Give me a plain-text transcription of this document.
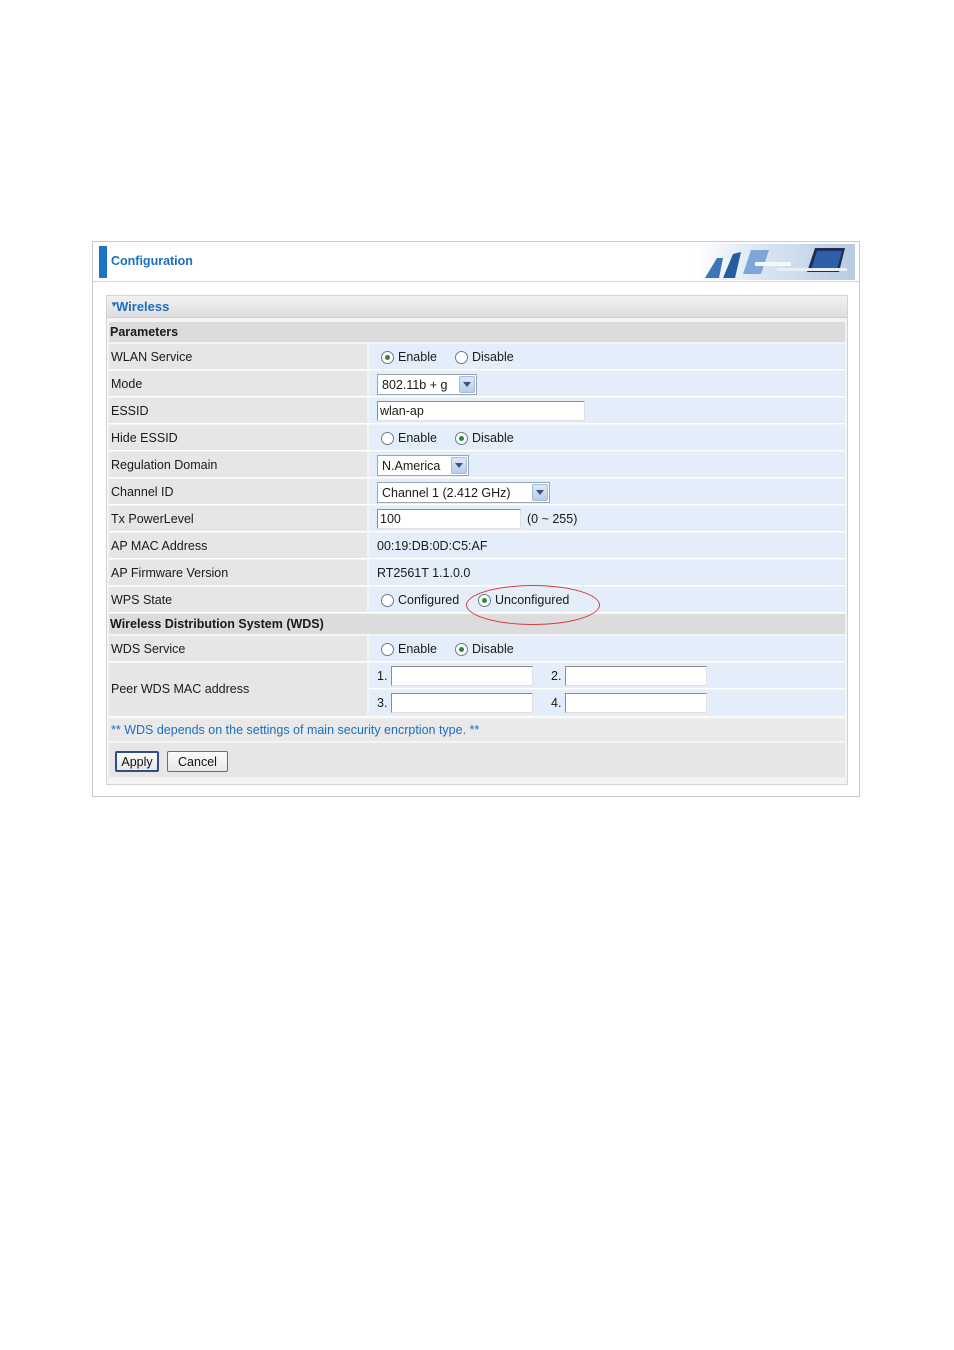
Configuration
▼
Wireless
Parameters
WLAN Service	Enable	Disable
Mode	802.11b + g
ESSID	wlan-ap
Hide ESSID	Enable	Disable
Regulation Domain	N.America
Channel ID	Channel 1 (2.412 GHz)
Tx PowerLevel	100	(0 ~ 255)
AP MAC Address	00:19:DB:0D:C5:AF
AP Firmware Version	RT2561T 1.1.0.0
WPS State	Configured	Unconfigured
Wireless Distribution System (WDS)
WDS Service	Enable	Disable
Peer WDS MAC address
1.	2.
3.	4.
** WDS depends on the settings of main security encrption type. **
Apply	Cancel
